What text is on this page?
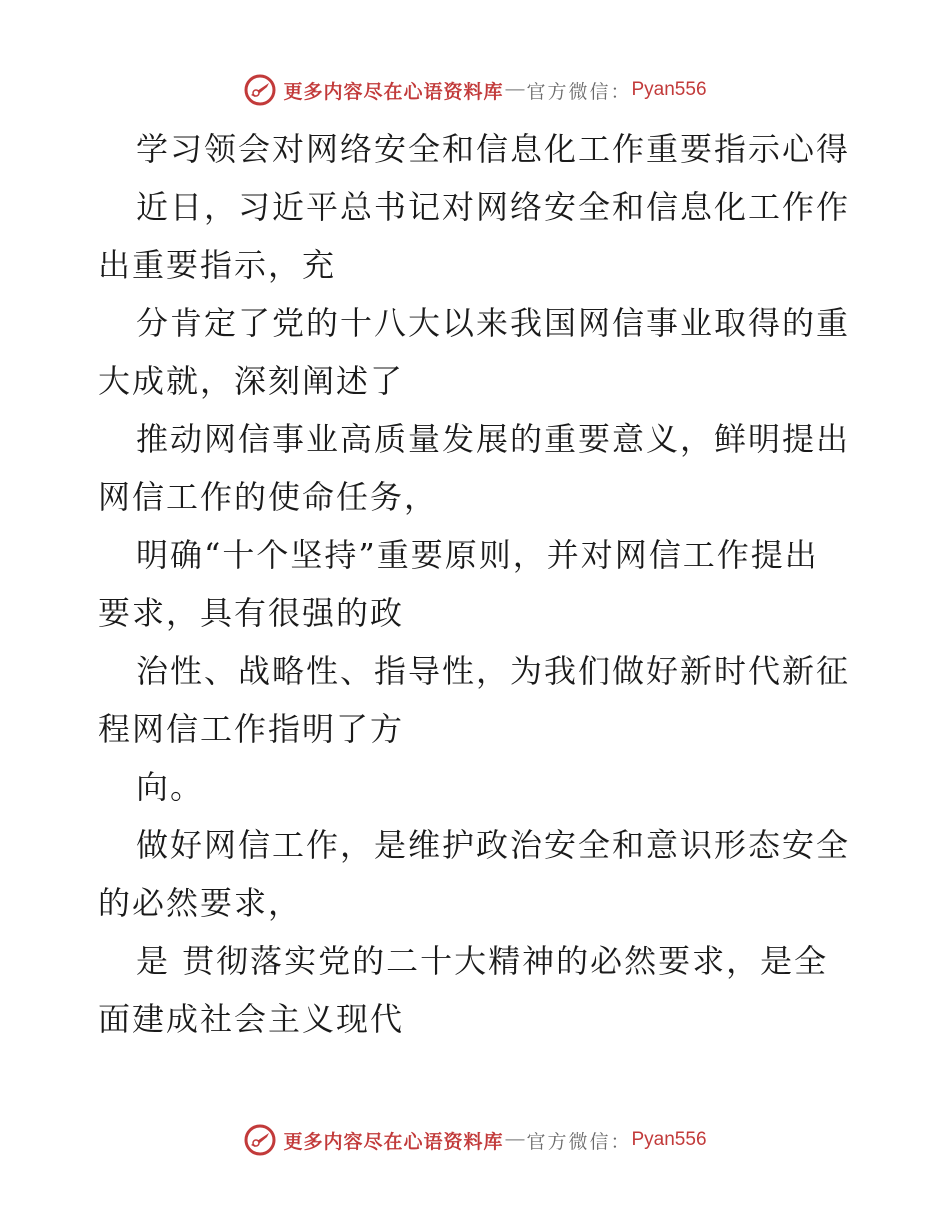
更多内容尽在心语资料库 — 官方微信： Pyan556
学习领会对网络安全和信息化工作重要指示心得
近日，习近平总书记对网络安全和信息化工作作
出重要指示，充
分肯定了党的十八大以来我国网信事业取得的重
大成就，深刻阐述了
推动网信事业高质量发展的重要意义，鲜明提出
网信工作的使命任务，
明确“十个坚持”重要原则，并对网信工作提出
要求，具有很强的政
治性、战略性、指导性，为我们做好新时代新征
程网信工作指明了方
向。
做好网信工作，是维护政治安全和意识形态安全
的必然要求，
是 贯彻落实党的二十大精神的必然要求，是全
面建成社会主义现代
更多内容尽在心语资料库 — 官方微信： Pyan556
